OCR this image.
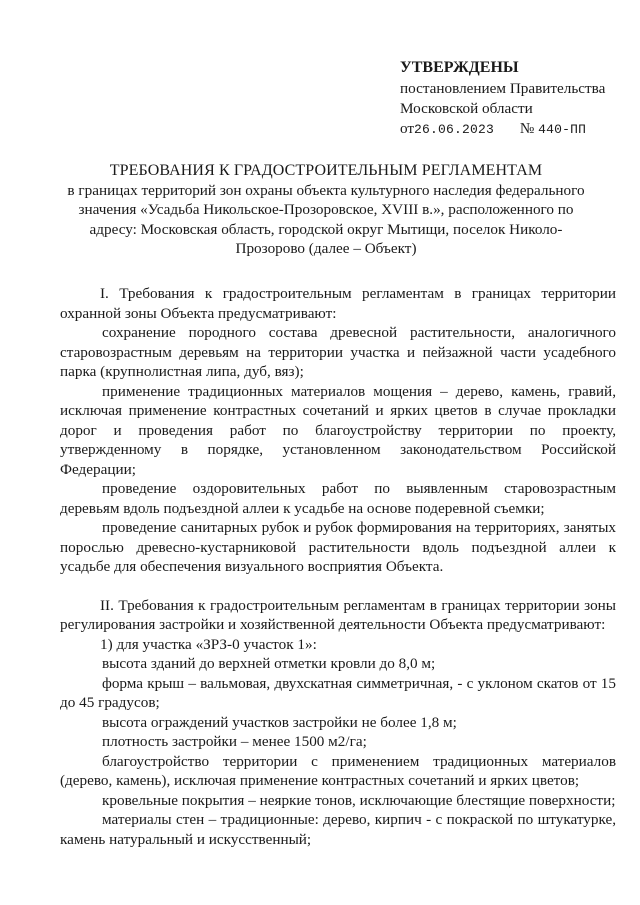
УТВЕРЖДЕНЫ
постановлением Правительства
Московской области
от26.06.2023 № 440-ПП
ТРЕБОВАНИЯ К ГРАДОСТРОИТЕЛЬНЫМ РЕГЛАМЕНТАМ
в границах территорий зон охраны объекта культурного наследия федерального значения «Усадьба Никольское-Прозоровское, XVIII в.», расположенного по адресу: Московская область, городской округ Мытищи, поселок Николо-Прозорово (далее – Объект)

I. Требования к градостроительным регламентам в границах территории охранной зоны Объекта предусматривают:

сохранение породного состава древесной растительности, аналогичного старовозрастным деревьям на территории участка и пейзажной части усадебного парка (крупнолистная липа, дуб, вяз);

применение традиционных материалов мощения – дерево, камень, гравий, исключая применение контрастных сочетаний и ярких цветов в случае прокладки дорог и проведения работ по благоустройству территории по проекту, утвержденному в порядке, установленном законодательством Российской Федерации;

проведение оздоровительных работ по выявленным старовозрастным деревьям вдоль подъездной аллеи к усадьбе на основе подеревной съемки;

проведение санитарных рубок и рубок формирования на территориях, занятых порослью древесно-кустарниковой растительности вдоль подъездной аллеи к усадьбе для обеспечения визуального восприятия Объекта.

II. Требования к градостроительным регламентам в границах территории зоны регулирования застройки и хозяйственной деятельности Объекта предусматривают:

1) для участка «ЗРЗ-0 участок 1»:

высота зданий до верхней отметки кровли до 8,0 м;

форма крыш – вальмовая, двухскатная симметричная, - с уклоном скатов от 15 до 45 градусов;

высота ограждений участков застройки не более 1,8 м;

плотность застройки – менее 1500 м2/га;

благоустройство территории с применением традиционных материалов (дерево, камень), исключая применение контрастных сочетаний и ярких цветов;

кровельные покрытия – неяркие тонов, исключающие блестящие поверхности;

материалы стен – традиционные: дерево, кирпич - с покраской по штукатурке, камень натуральный и искусственный;
